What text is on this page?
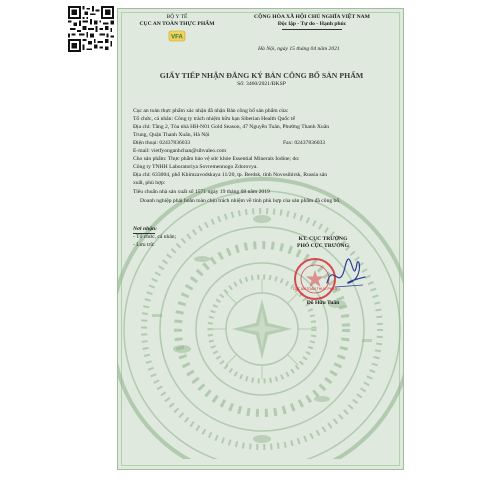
BỘ Y TẾ
CỤC AN TOÀN THỰC PHẨM
VFA
CỘNG HÒA XÃ HỘI CHỦ NGHĨA VIỆT NAM
Độc lập - Tự do - Hạnh phúc
Hà Nội, ngày 15 tháng 04 năm 2021
GIẤY TIẾP NHẬN ĐĂNG KÝ BẢN CÔNG BỐ SẢN PHẨM
Số: 3460/2021/ĐKSP
Cục an toàn thực phẩm xác nhận đã nhận Bản công bố sản phẩm của:
Tổ chức, cá nhân: Công ty trách nhiệm hữu hạn Siberian Health Quốc tế
Địa chỉ: Tầng 2, Tòa nhà HH-N01 Gold Season, 47 Nguyễn Tuân, Phường Thanh Xuân
Trung, Quận Thanh Xuân, Hà Nội
Điện thoại: 02437836033	Fax: 02437836033
E-mail: vietfyonganhchan@sibvaleo.com
Cho sản phẩm: Thực phẩm bảo vệ sức khỏe Essential Minerals Iodine; do:
Công ty TNHH Laboratoriya Sovremennogo Zdorovya.
Địa chỉ: 633004, phố Khimzavodskaya 11/20, tp. Berdsk, tỉnh Novosibirsk, Russia sản
xuất, phù hợp:
Tiêu chuẩn nhà sản xuất số 1571 ngày 19 tháng 08 năm 2019
Doanh nghiệp phải hoàn toàn chịu trách nhiệm về tính phù hợp của sản phẩm đã công bố.
Nơi nhận:
- Tổ chức, cá nhân;
- Lưu trữ.
KT. CỤC TRƯỞNG
PHÓ CỤC TRƯỞNG
CỤC AN TOÀN THỰC PHẨM
Đỗ Hữu Tuấn
